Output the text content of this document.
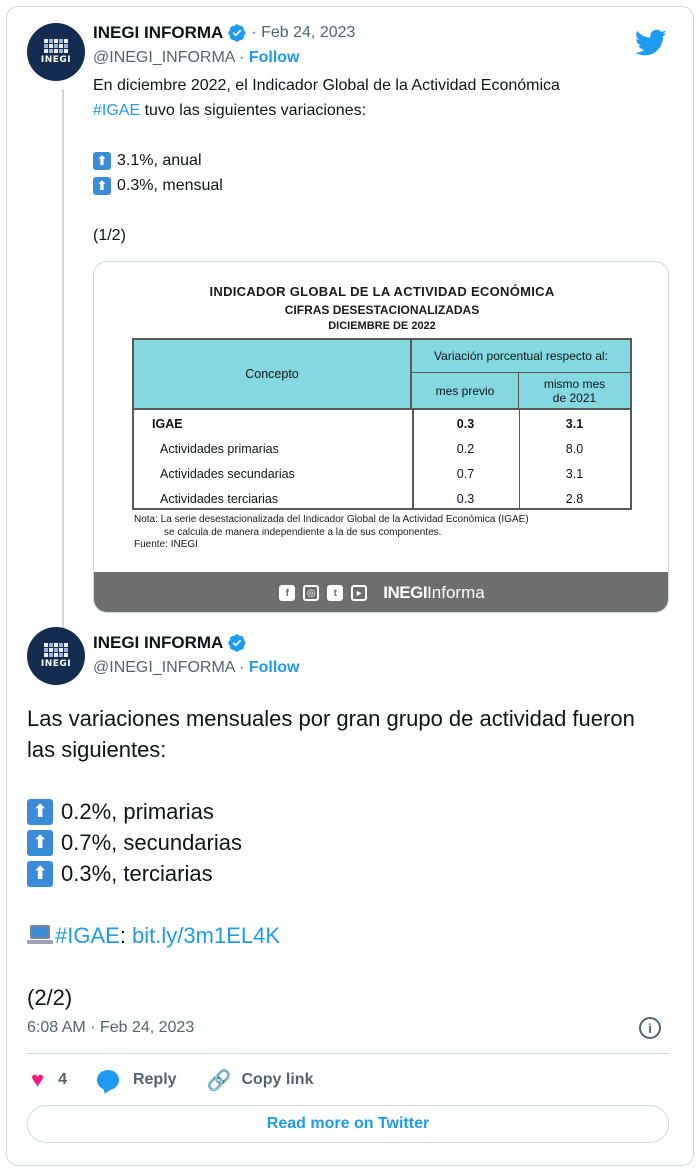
INEGI
INEGI INFORMA · Feb 24, 2023
@INEGI_INFORMA · Follow
En diciembre 2022, el Indicador Global de la Actividad Económica
#IGAE tuvo las siguientes variaciones:
⬆ 3.1%, anual
⬆ 0.3%, mensual
(1/2)
INDICADOR GLOBAL DE LA ACTIVIDAD ECONÓMICA
CIFRAS DESESTACIONALIZADAS
DICIEMBRE DE 2022
Concepto
Variación porcentual respecto al:
mes previo	mismo mes
de 2021
IGAE	0.3	3.1
Actividades primarias	0.2	8.0
Actividades secundarias	0.7	3.1
Actividades terciarias	0.3	2.8
Nota: La serie desestacionalizada del Indicador Global de la Actividad Económica (IGAE)
se calcula de manera independiente a la de sus componentes.
Fuente: INEGI
f	◎	t	▸	INEGIInforma
INEGI
INEGI INFORMA
@INEGI_INFORMA · Follow
Las variaciones mensuales por gran grupo de actividad fueron las siguientes:
⬆ 0.2%, primarias
⬆ 0.7%, secundarias
⬆ 0.3%, terciarias
#IGAE: bit.ly/3m1EL4K
(2/2)
6:08 AM · Feb 24, 2023	i
♥ 4	Reply 🔗 Copy link
Read more on Twitter
